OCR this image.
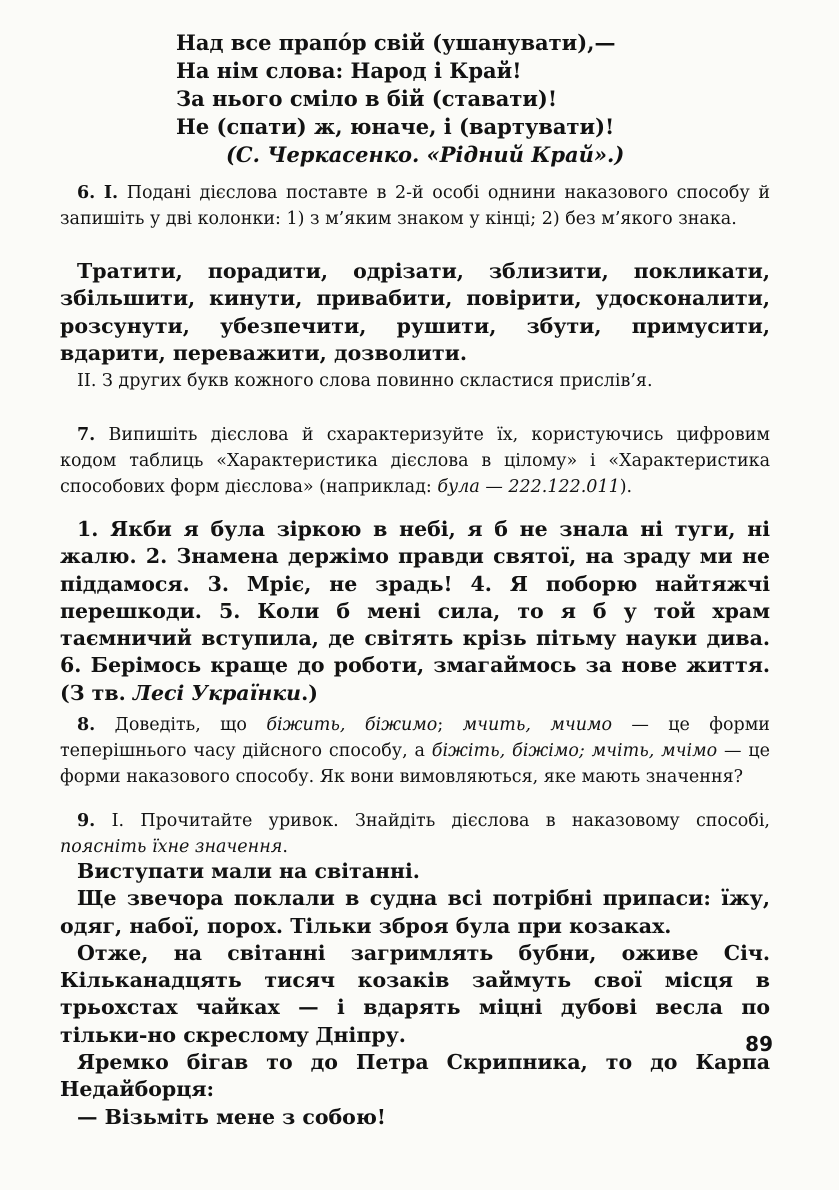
Над все прапо́р свій (ушанувати),—
На нім слова: Народ і Край!
За нього сміло в бій (ставати)!
Не (спати) ж, юначе, і (вартувати)!
(С. Черкасенко. «Рідний Край».)
6. I. Подані дієслова поставте в 2-й особі однини наказового способу й запишіть у дві колонки: 1) з м’яким знаком у кінці; 2) без м’якого знака.
Тратити, порадити, одрізати, зблизити, покликати, збільшити, кинути, привабити, повірити, удосконалити, розсунути, убезпечити, рушити, збути, примусити, вдарити, переважити, дозволити.
ІІ. З других букв кожного слова повинно скластися прислів’я.
7. Випишіть дієслова й схарактеризуйте їх, користуючись цифровим кодом таблиць «Характеристика дієслова в цілому» і «Характеристика способових форм дієслова» (наприклад: була — 222.122.011).
1. Якби я була зіркою в небі, я б не знала ні туги, ні жалю. 2. Знамена держімо правди святої, на зраду ми не піддамося. 3. Мріє, не зрадь! 4. Я поборю найтяжчі перешкоди. 5. Коли б мені сила, то я б у той храм таємничий вступила, де світять крізь пітьму науки дива. 6. Берімось краще до роботи, змагаймось за нове життя. (З тв. Лесі Українки.)
8. Доведіть, що біжить, біжимо; мчить, мчимо — це форми теперішнього часу дійсного способу, а біжіть, біжімо; мчіть, мчімо — це форми наказового способу. Як вони вимовляються, яке мають значення?
9. I. Прочитайте уривок. Знайдіть дієслова в наказовому способі, поясніть їхне значення.

Виступати мали на світанні.

Ще звечора поклали в судна всі потрібні припаси: їжу, одяг, набої, порох. Тільки зброя була при козаках.

Отже, на світанні загримлять бубни, оживе Січ. Кільканадцять тисяч козаків займуть свої місця в трьохстах чайках — і вдарять міцні дубові весла по тільки-но скресломy Дніпру.

Яремко бігав то до Петра Скрипника, то до Карпа Недайборця:

— Візьміть мене з собою!

89
